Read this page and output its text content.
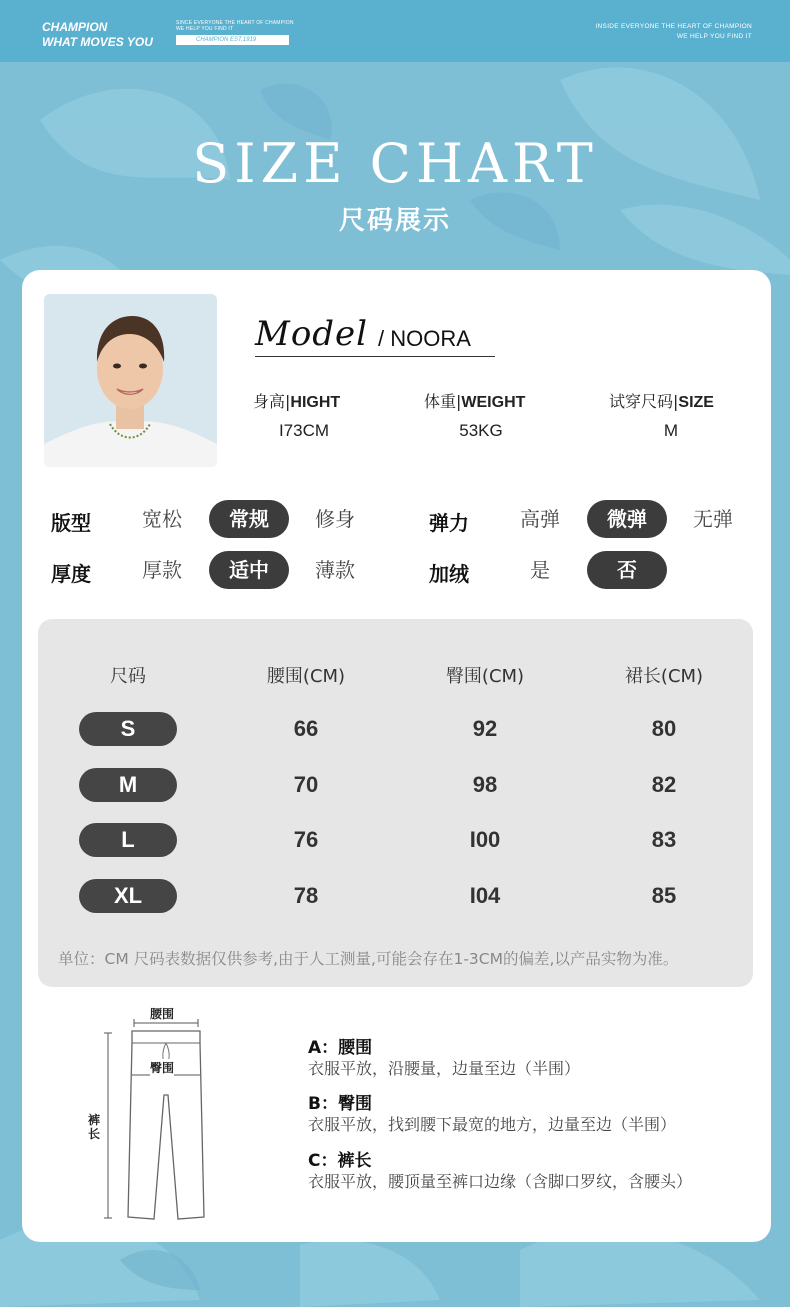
CHAMPION
WHAT MOVES YOU
SINCE EVERYONE THE HEART OF CHAMPION
WE HELP YOU FIND IT
CHAMPION EST.1919
INSIDE EVERYONE THE HEART OF CHAMPION
WE HELP YOU FIND IT
SIZE CHART
尺码展示
Model / NOORA
身高|HIGHT	体重|WEIGHT	试穿尺码|SIZE
I73CM	53KG	M
版型	宽松	常规	修身	弹力	高弹	微弹	无弹
厚度	厚款	适中	薄款	加绒	是	否
尺码	腰围(CM)	臀围(CM)	裙长(CM)
S	66	92	80
M	70	98	82
L	76	I00	83
XL	78	I04	85
单位：CM 尺码表数据仅供参考,由于人工测量,可能会存在1-3CM的偏差,以产品实物为准。
腰围
臀围
裤
长
A：腰围
衣服平放，沿腰量，边量至边（半围）
B：臀围
衣服平放，找到腰下最宽的地方，边量至边（半围）
C：裤长
衣服平放，腰顶量至裤口边缘（含脚口罗纹，含腰头）
